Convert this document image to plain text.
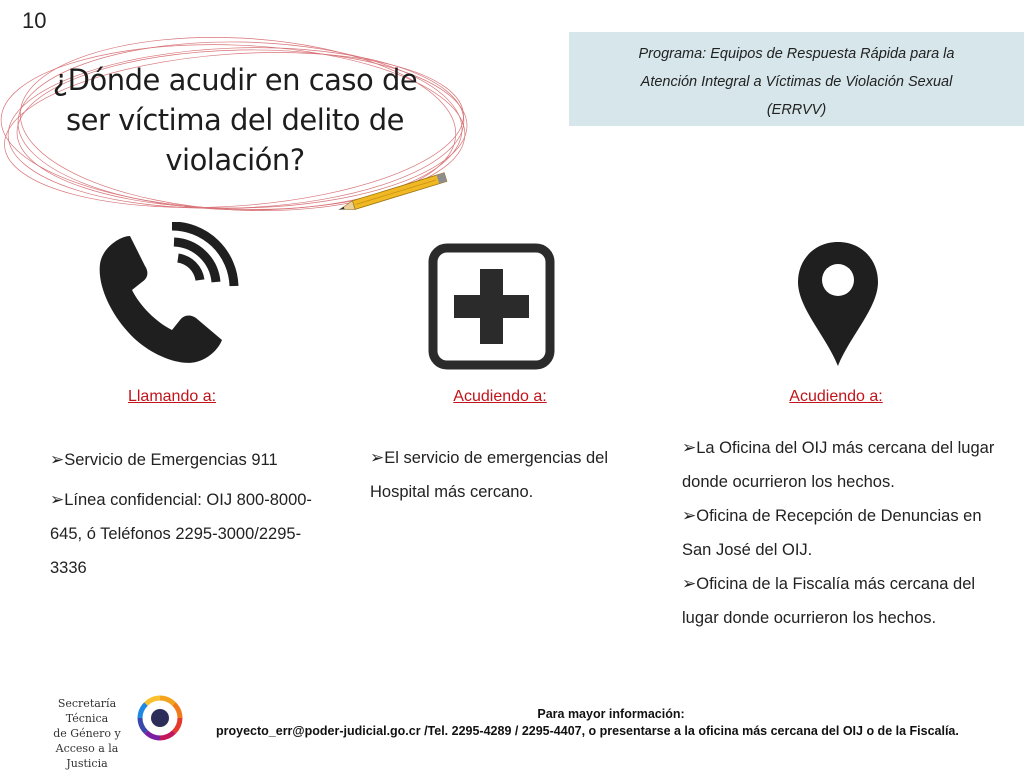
10
¿Dónde acudir en caso de ser víctima del delito de violación?
Programa: Equipos de Respuesta Rápida para la
Atención Integral a Víctimas de Violación Sexual
(ERRVV)
Llamando a:	Acudiendo a:	Acudiendo a:
➢Servicio de Emergencias 911
➢Línea confidencial: OIJ 800-8000-645, ó Teléfonos 2295-3000/2295-3336
➢El servicio de emergencias del Hospital más cercano.
➢La Oficina del OIJ más cercana del lugar donde ocurrieron los hechos.
➢Oficina de Recepción de Denuncias en San José del OIJ.
➢Oficina de la Fiscalía más cercana del lugar donde ocurrieron los hechos.
Secretaría Técnica
de Género y
Acceso a la Justicia
Para mayor información:
proyecto_err@poder-judicial.go.cr /Tel. 2295-4289 / 2295-4407, o presentarse a la oficina más cercana del OIJ o de la Fiscalía.
